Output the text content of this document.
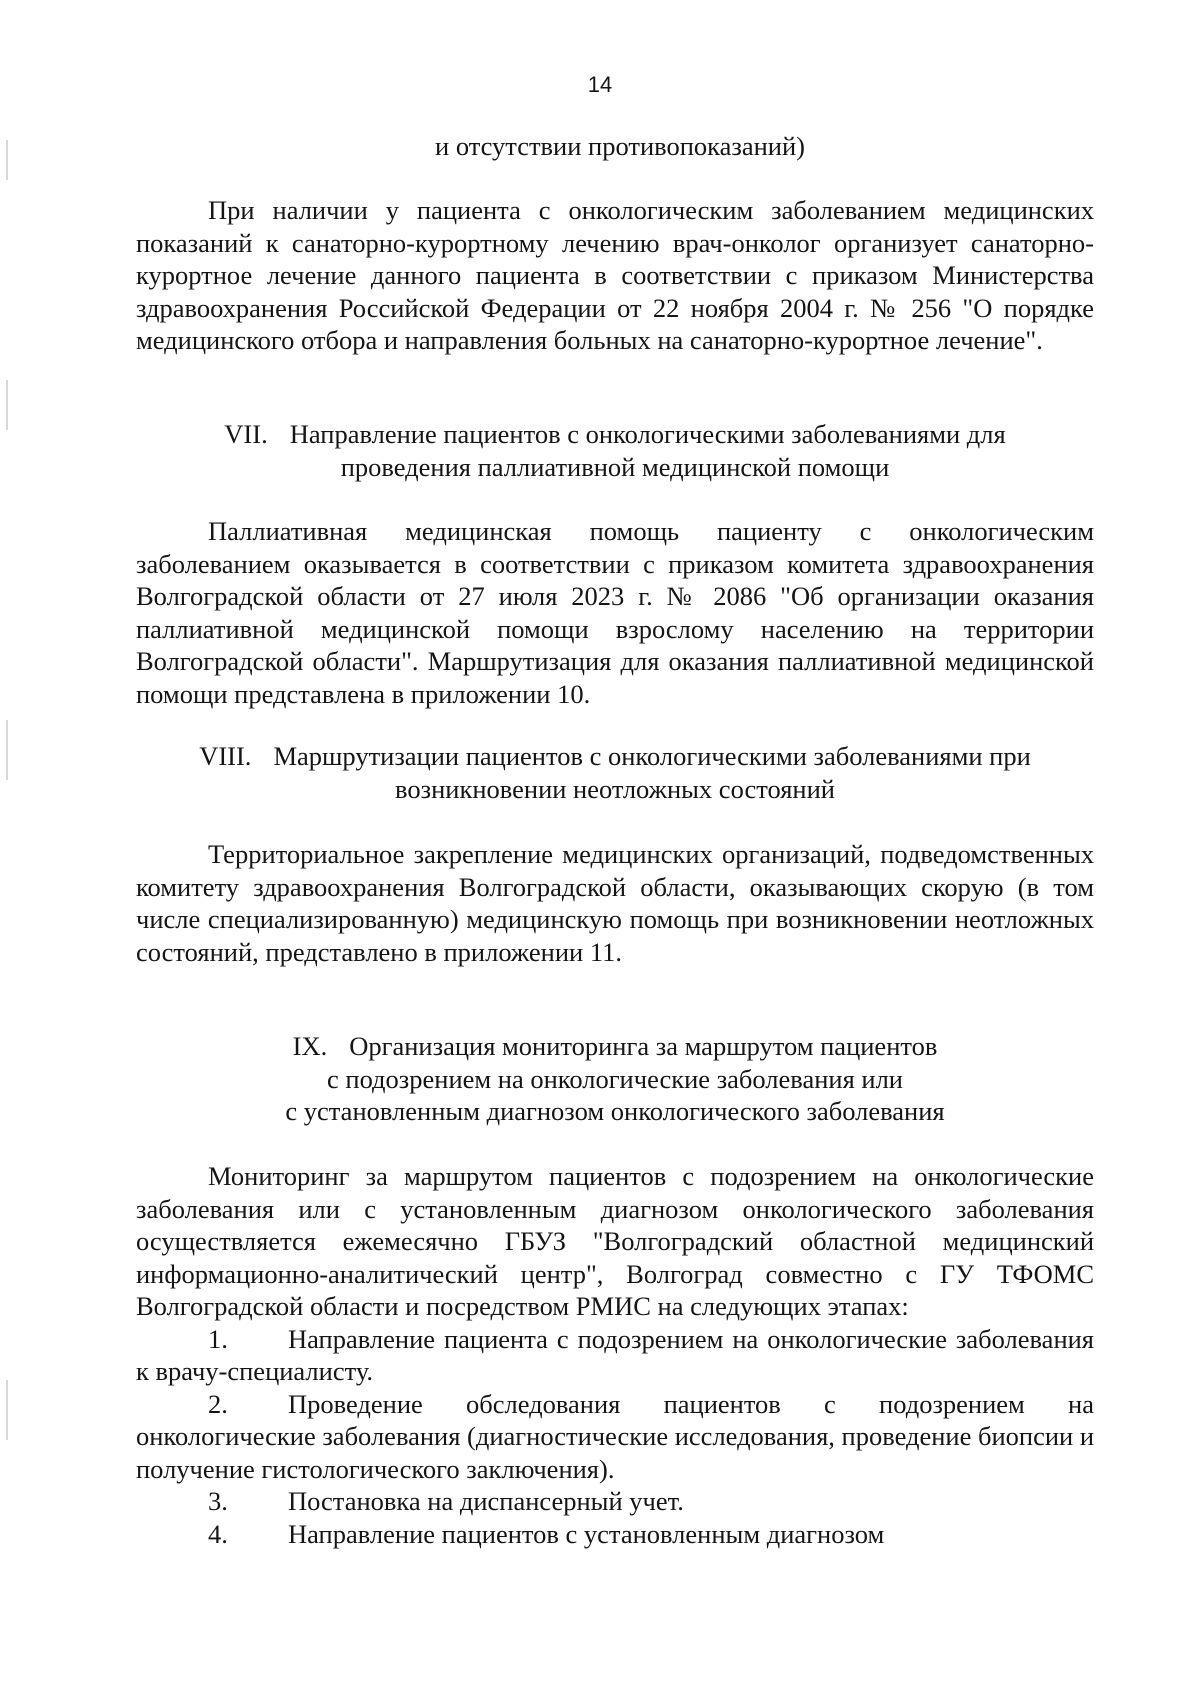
14
и отсутствии противопоказаний)

При наличии у пациента с онкологическим заболеванием медицинских показаний к санаторно-курортному лечению врач-онколог организует санаторно-курортное лечение данного пациента в соответствии с приказом Министерства здравоохранения Российской Федерации от 22 ноября 2004 г. № 256 "О порядке медицинского отбора и направления больных на санаторно-курортное лечение".

VII. Направление пациентов с онкологическими заболеваниями для

проведения паллиативной медицинской помощи

Паллиативная медицинская помощь пациенту с онкологическим заболеванием оказывается в соответствии с приказом комитета здравоохранения Волгоградской области от 27 июля 2023 г. № 2086 "Об организации оказания паллиативной медицинской помощи взрослому населению на территории Волгоградской области". Маршрутизация для оказания паллиативной медицинской помощи представлена в приложении 10.

VIII. Маршрутизации пациентов с онкологическими заболеваниями при

возникновении неотложных состояний

Территориальное закрепление медицинских организаций, подведомственных комитету здравоохранения Волгоградской области, оказывающих скорую (в том числе специализированную) медицинскую помощь при возникновении неотложных состояний, представлено в приложении 11.

IX. Организация мониторинга за маршрутом пациентов

с подозрением на онкологические заболевания или

с установленным диагнозом онкологического заболевания

Мониторинг за маршрутом пациентов с подозрением на онкологические заболевания или с установленным диагнозом онкологического заболевания осуществляется ежемесячно ГБУЗ "Волгоградский областной медицинский информационно-аналитический центр", Волгоград совместно с ГУ ТФОМС Волгоградской области и посредством РМИС на следующих этапах:

1. Направление пациента с подозрением на онкологические заболевания к врачу-специалисту.

2. Проведение обследования пациентов с подозрением на онкологические заболевания (диагностические исследования, проведение биопсии и получение гистологического заключения).

3. Постановка на диспансерный учет.

4. Направление пациентов с установленным диагнозом
